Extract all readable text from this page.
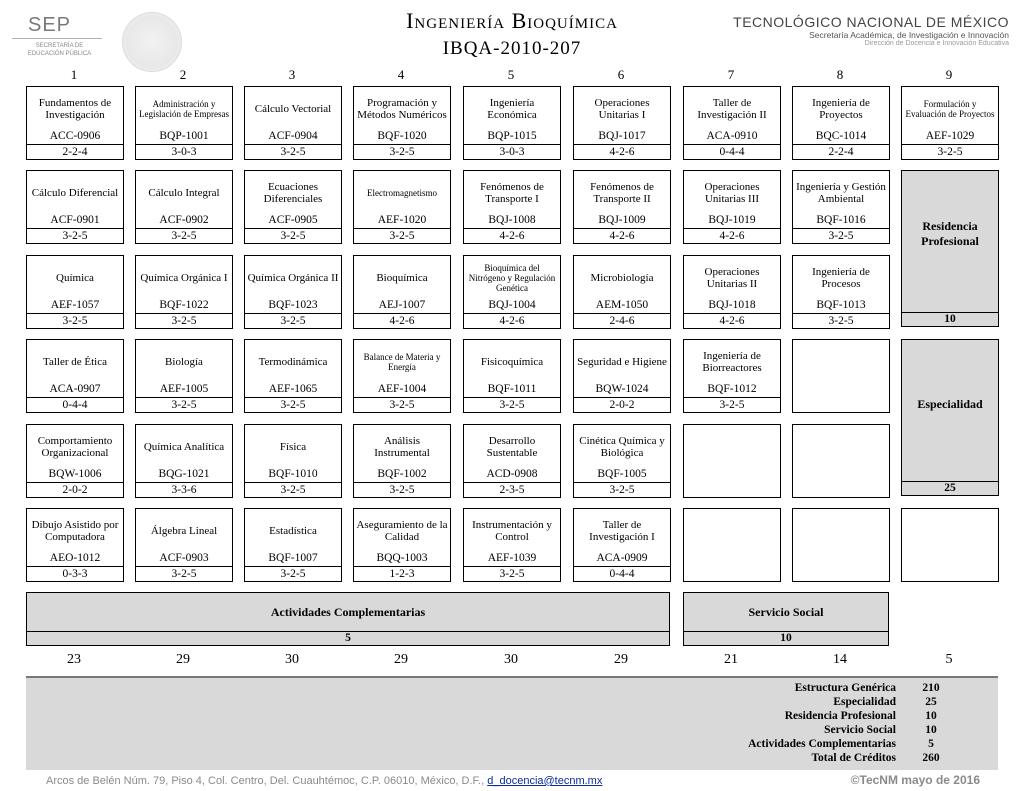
SEP
SECRETARÍA DE
EDUCACIÓN PÚBLICA
Ingeniería Bioquímica
IBQA-2010-207
TECNOLÓGICO NACIONAL DE MÉXICO
Secretaría Académica, de Investigación e Innovación
Dirección de Docencia e Innovación Educativa
1	2	3	4	5	6	7	8	9
Fundamentos de Investigación
ACC-0906
2-2-4
Administración y Legislación de Empresas
BQP-1001
3-0-3
Cálculo Vectorial
ACF-0904
3-2-5
Programación y Métodos Numéricos
BQF-1020
3-2-5
Ingeniería Económica
BQP-1015
3-0-3
Operaciones Unitarias I
BQJ-1017
4-2-6
Taller de Investigación II
ACA-0910
0-4-4
Ingeniería de Proyectos
BQC-1014
2-2-4
Formulación y Evaluación de Proyectos
AEF-1029
3-2-5
Cálculo Diferencial
ACF-0901
3-2-5
Cálculo Integral
ACF-0902
3-2-5
Ecuaciones Diferenciales
ACF-0905
3-2-5
Electromagnetismo
AEF-1020
3-2-5
Fenómenos de Transporte I
BQJ-1008
4-2-6
Fenómenos de Transporte II
BQJ-1009
4-2-6
Operaciones Unitarias III
BQJ-1019
4-2-6
Ingeniería y Gestión Ambiental
BQF-1016
3-2-5
Química
AEF-1057
3-2-5
Química Orgánica I
BQF-1022
3-2-5
Química Orgánica II
BQF-1023
3-2-5
Bioquímica
AEJ-1007
4-2-6
Bioquímica del Nitrógeno y Regulación Genética
BQJ-1004
4-2-6
Microbiología
AEM-1050
2-4-6
Operaciones Unitarias II
BQJ-1018
4-2-6
Ingeniería de Procesos
BQF-1013
3-2-5
Taller de Ética
ACA-0907
0-4-4
Biología
AEF-1005
3-2-5
Termodinámica
AEF-1065
3-2-5
Balance de Materia y Energía
AEF-1004
3-2-5
Fisicoquímica
BQF-1011
3-2-5
Seguridad e Higiene
BQW-1024
2-0-2
Ingeniería de Biorreactores
BQF-1012
3-2-5
Comportamiento Organizacional
BQW-1006
2-0-2
Química Analítica
BQG-1021
3-3-6
Física
BQF-1010
3-2-5
Análisis Instrumental
BQF-1002
3-2-5
Desarrollo Sustentable
ACD-0908
2-3-5
Cinética Química y Biológica
BQF-1005
3-2-5
Dibujo Asistido por Computadora
AEO-1012
0-3-3
Álgebra Lineal
ACF-0903
3-2-5
Estadística
BQF-1007
3-2-5
Aseguramiento de la Calidad
BQQ-1003
1-2-3
Instrumentación y Control
AEF-1039
3-2-5
Taller de Investigación I
ACA-0909
0-4-4
23	29	30	29	30	29	21	14	5
Residencia Profesional
10
Especialidad
25
Actividades Complementarias
5
Servicio Social
10
Estructura Genérica	210
Especialidad	25
Residencia Profesional	10
Servicio Social	10
Actividades Complementarias	5
Total de Créditos	260
Arcos de Belén Núm. 79, Piso 4, Col. Centro, Del. Cuauhtémoc, C.P. 06010, México, D.F., d_docencia@tecnm.mx	©TecNM mayo de 2016
